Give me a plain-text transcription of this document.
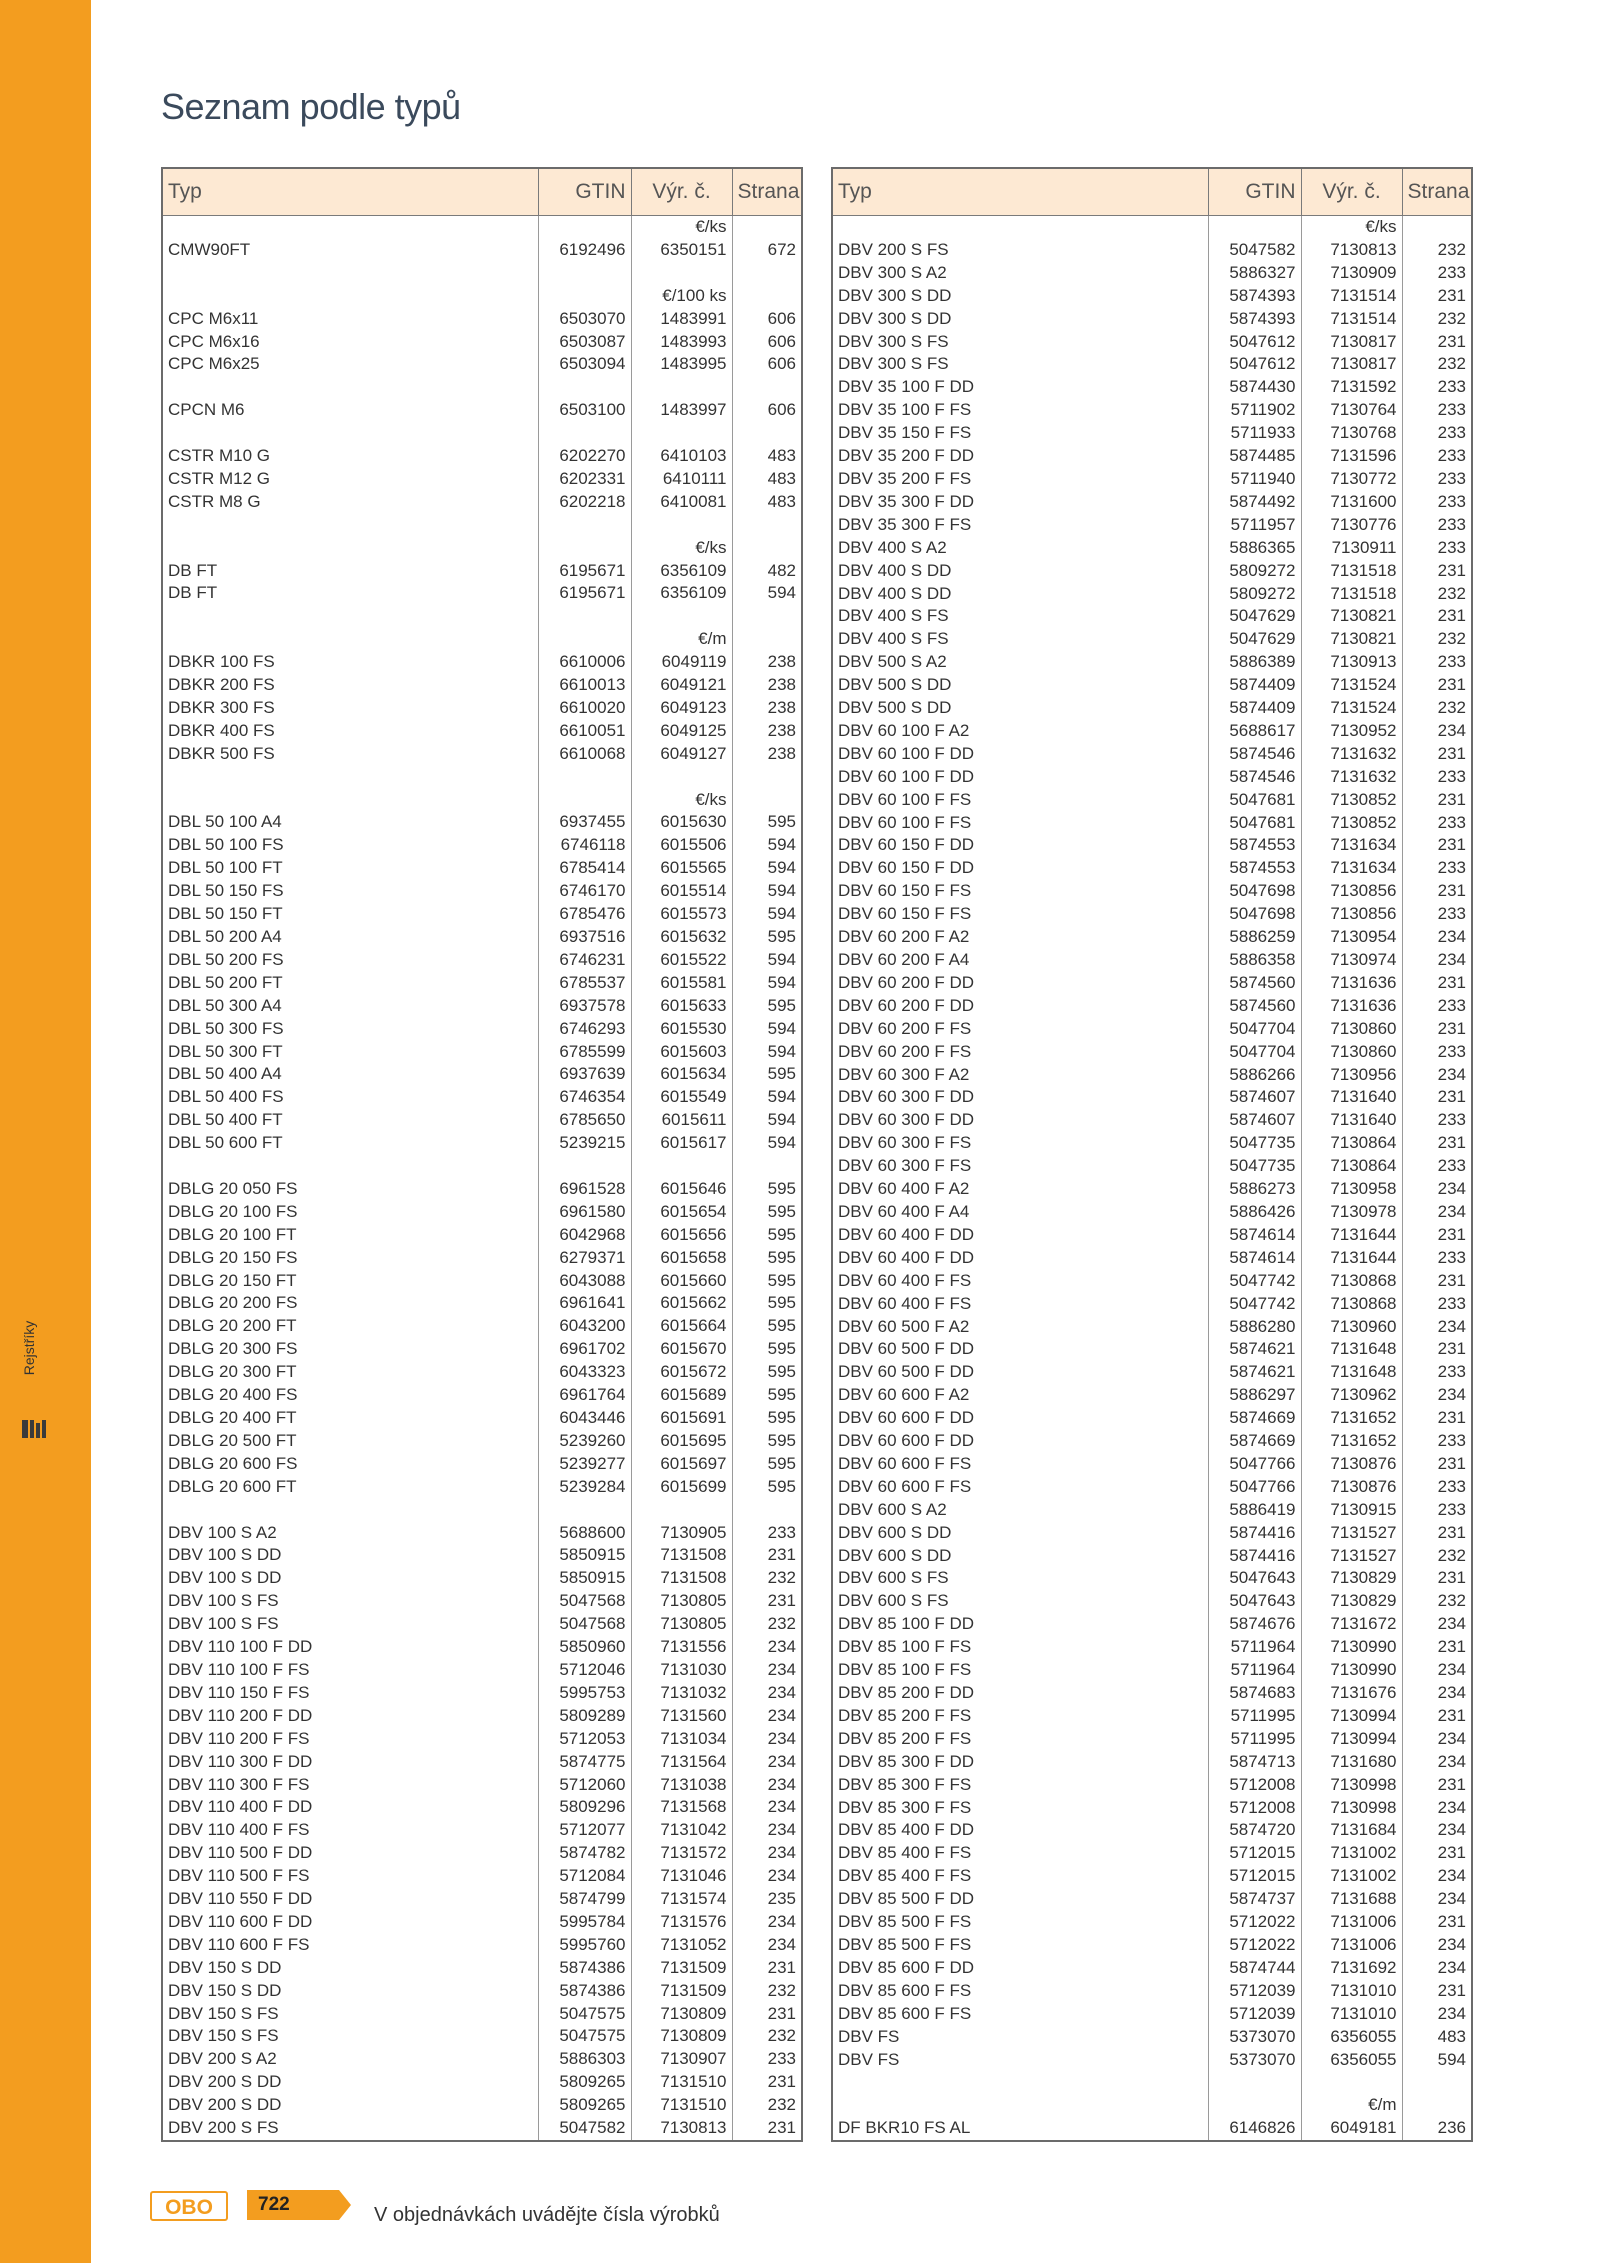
Rejstříky
Seznam podle typů
Typ	GTIN	Výr. č.	Strana
		€/ks	
CMW90FT	6192496	6350151	672

		€/100 ks	
CPC M6x11	6503070	1483991	606
CPC M6x16	6503087	1483993	606
CPC M6x25	6503094	1483995	606

CPCN M6	6503100	1483997	606

CSTR M10 G	6202270	6410103	483
CSTR M12 G	6202331	6410111	483
CSTR M8 G	6202218	6410081	483

		€/ks	
DB FT	6195671	6356109	482
DB FT	6195671	6356109	594

		€/m	
DBKR 100 FS	6610006	6049119	238
DBKR 200 FS	6610013	6049121	238
DBKR 300 FS	6610020	6049123	238
DBKR 400 FS	6610051	6049125	238
DBKR 500 FS	6610068	6049127	238

		€/ks	
DBL 50 100 A4	6937455	6015630	595
DBL 50 100 FS	6746118	6015506	594
DBL 50 100 FT	6785414	6015565	594
DBL 50 150 FS	6746170	6015514	594
DBL 50 150 FT	6785476	6015573	594
DBL 50 200 A4	6937516	6015632	595
DBL 50 200 FS	6746231	6015522	594
DBL 50 200 FT	6785537	6015581	594
DBL 50 300 A4	6937578	6015633	595
DBL 50 300 FS	6746293	6015530	594
DBL 50 300 FT	6785599	6015603	594
DBL 50 400 A4	6937639	6015634	595
DBL 50 400 FS	6746354	6015549	594
DBL 50 400 FT	6785650	6015611	594
DBL 50 600 FT	5239215	6015617	594

DBLG 20 050 FS	6961528	6015646	595
DBLG 20 100 FS	6961580	6015654	595
DBLG 20 100 FT	6042968	6015656	595
DBLG 20 150 FS	6279371	6015658	595
DBLG 20 150 FT	6043088	6015660	595
DBLG 20 200 FS	6961641	6015662	595
DBLG 20 200 FT	6043200	6015664	595
DBLG 20 300 FS	6961702	6015670	595
DBLG 20 300 FT	6043323	6015672	595
DBLG 20 400 FS	6961764	6015689	595
DBLG 20 400 FT	6043446	6015691	595
DBLG 20 500 FT	5239260	6015695	595
DBLG 20 600 FS	5239277	6015697	595
DBLG 20 600 FT	5239284	6015699	595

DBV 100 S A2	5688600	7130905	233
DBV 100 S DD	5850915	7131508	231
DBV 100 S DD	5850915	7131508	232
DBV 100 S FS	5047568	7130805	231
DBV 100 S FS	5047568	7130805	232
DBV 110 100 F DD	5850960	7131556	234
DBV 110 100 F FS	5712046	7131030	234
DBV 110 150 F FS	5995753	7131032	234
DBV 110 200 F DD	5809289	7131560	234
DBV 110 200 F FS	5712053	7131034	234
DBV 110 300 F DD	5874775	7131564	234
DBV 110 300 F FS	5712060	7131038	234
DBV 110 400 F DD	5809296	7131568	234
DBV 110 400 F FS	5712077	7131042	234
DBV 110 500 F DD	5874782	7131572	234
DBV 110 500 F FS	5712084	7131046	234
DBV 110 550 F DD	5874799	7131574	235
DBV 110 600 F DD	5995784	7131576	234
DBV 110 600 F FS	5995760	7131052	234
DBV 150 S DD	5874386	7131509	231
DBV 150 S DD	5874386	7131509	232
DBV 150 S FS	5047575	7130809	231
DBV 150 S FS	5047575	7130809	232
DBV 200 S A2	5886303	7130907	233
DBV 200 S DD	5809265	7131510	231
DBV 200 S DD	5809265	7131510	232
DBV 200 S FS	5047582	7130813	231
Typ	GTIN	Výr. č.	Strana
		€/ks	
DBV 200 S FS	5047582	7130813	232
DBV 300 S A2	5886327	7130909	233
DBV 300 S DD	5874393	7131514	231
DBV 300 S DD	5874393	7131514	232
DBV 300 S FS	5047612	7130817	231
DBV 300 S FS	5047612	7130817	232
DBV 35 100 F DD	5874430	7131592	233
DBV 35 100 F FS	5711902	7130764	233
DBV 35 150 F FS	5711933	7130768	233
DBV 35 200 F DD	5874485	7131596	233
DBV 35 200 F FS	5711940	7130772	233
DBV 35 300 F DD	5874492	7131600	233
DBV 35 300 F FS	5711957	7130776	233
DBV 400 S A2	5886365	7130911	233
DBV 400 S DD	5809272	7131518	231
DBV 400 S DD	5809272	7131518	232
DBV 400 S FS	5047629	7130821	231
DBV 400 S FS	5047629	7130821	232
DBV 500 S A2	5886389	7130913	233
DBV 500 S DD	5874409	7131524	231
DBV 500 S DD	5874409	7131524	232
DBV 60 100 F A2	5688617	7130952	234
DBV 60 100 F DD	5874546	7131632	231
DBV 60 100 F DD	5874546	7131632	233
DBV 60 100 F FS	5047681	7130852	231
DBV 60 100 F FS	5047681	7130852	233
DBV 60 150 F DD	5874553	7131634	231
DBV 60 150 F DD	5874553	7131634	233
DBV 60 150 F FS	5047698	7130856	231
DBV 60 150 F FS	5047698	7130856	233
DBV 60 200 F A2	5886259	7130954	234
DBV 60 200 F A4	5886358	7130974	234
DBV 60 200 F DD	5874560	7131636	231
DBV 60 200 F DD	5874560	7131636	233
DBV 60 200 F FS	5047704	7130860	231
DBV 60 200 F FS	5047704	7130860	233
DBV 60 300 F A2	5886266	7130956	234
DBV 60 300 F DD	5874607	7131640	231
DBV 60 300 F DD	5874607	7131640	233
DBV 60 300 F FS	5047735	7130864	231
DBV 60 300 F FS	5047735	7130864	233
DBV 60 400 F A2	5886273	7130958	234
DBV 60 400 F A4	5886426	7130978	234
DBV 60 400 F DD	5874614	7131644	231
DBV 60 400 F DD	5874614	7131644	233
DBV 60 400 F FS	5047742	7130868	231
DBV 60 400 F FS	5047742	7130868	233
DBV 60 500 F A2	5886280	7130960	234
DBV 60 500 F DD	5874621	7131648	231
DBV 60 500 F DD	5874621	7131648	233
DBV 60 600 F A2	5886297	7130962	234
DBV 60 600 F DD	5874669	7131652	231
DBV 60 600 F DD	5874669	7131652	233
DBV 60 600 F FS	5047766	7130876	231
DBV 60 600 F FS	5047766	7130876	233
DBV 600 S A2	5886419	7130915	233
DBV 600 S DD	5874416	7131527	231
DBV 600 S DD	5874416	7131527	232
DBV 600 S FS	5047643	7130829	231
DBV 600 S FS	5047643	7130829	232
DBV 85 100 F DD	5874676	7131672	234
DBV 85 100 F FS	5711964	7130990	231
DBV 85 100 F FS	5711964	7130990	234
DBV 85 200 F DD	5874683	7131676	234
DBV 85 200 F FS	5711995	7130994	231
DBV 85 200 F FS	5711995	7130994	234
DBV 85 300 F DD	5874713	7131680	234
DBV 85 300 F FS	5712008	7130998	231
DBV 85 300 F FS	5712008	7130998	234
DBV 85 400 F DD	5874720	7131684	234
DBV 85 400 F FS	5712015	7131002	231
DBV 85 400 F FS	5712015	7131002	234
DBV 85 500 F DD	5874737	7131688	234
DBV 85 500 F FS	5712022	7131006	231
DBV 85 500 F FS	5712022	7131006	234
DBV 85 600 F DD	5874744	7131692	234
DBV 85 600 F FS	5712039	7131010	231
DBV 85 600 F FS	5712039	7131010	234
DBV FS	5373070	6356055	483
DBV FS	5373070	6356055	594

		€/m	
DF BKR10 FS AL	6146826	6049181	236
OBO 722	V objednávkách uvádějte čísla výrobků
